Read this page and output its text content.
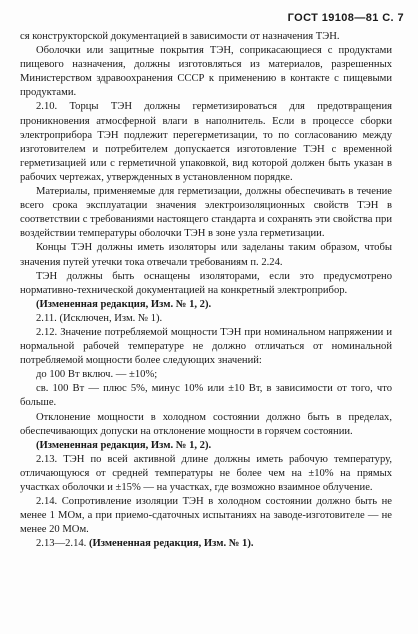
ГОСТ 19108—81 С. 7

ся конструкторской документацией в зависимости от назначения ТЭН.

Оболочки или защитные покрытия ТЭН, соприкасающиеся с продуктами пищевого назначения, должны изготовляться из материалов, разрешенных Министерством здравоохранения СССР к применению в контакте с пищевыми продуктами.

2.10. Торцы ТЭН должны герметизироваться для предотвращения проникновения атмосферной влаги в наполнитель. Если в процессе сборки электроприбора ТЭН подлежит перегерметизации, то по согласованию между изготовителем и потребителем допускается изготовление ТЭН с временной герметизацией или с герметичной упаковкой, вид которой должен быть указан в рабочих чертежах, утвержденных в установленном порядке.

Материалы, применяемые для герметизации, должны обеспечивать в течение всего срока эксплуатации значения электроизоляционных свойств ТЭН в соответствии с требованиями настоящего стандарта и сохранять эти свойства при воздействии температуры оболочки ТЭН в зоне узла герметизации.

Концы ТЭН должны иметь изоляторы или заделаны таким образом, чтобы значения путей утечки тока отвечали требованиям п. 2.24.

ТЭН должны быть оснащены изоляторами, если это предусмотрено нормативно-технической документацией на конкретный электроприбор.

(Измененная редакция, Изм. № 1, 2).

2.11. (Исключен, Изм. № 1).

2.12. Значение потребляемой мощности ТЭН при номинальном напряжении и нормальной рабочей температуре не должно отличаться от номинальной потребляемой мощности более следующих значений:

до 100 Вт включ. — ±10%;

св. 100 Вт — плюс 5%, минус 10% или ±10 Вт, в зависимости от того, что больше.

Отклонение мощности в холодном состоянии должно быть в пределах, обеспечивающих допуски на отклонение мощности в горячем состоянии.

(Измененная редакция, Изм. № 1, 2).

2.13. ТЭН по всей активной длине должны иметь рабочую температуру, отличающуюся от средней температуры не более чем на ±10% на прямых участках оболочки и ±15% — на участках, где возможно взаимное облучение.

2.14. Сопротивление изоляции ТЭН в холодном состоянии должно быть не менее 1 МОм, а при приемо-сдаточных испытаниях на заводе-изготовителе — не менее 20 МОм.

2.13—2.14. (Измененная редакция, Изм. № 1).
